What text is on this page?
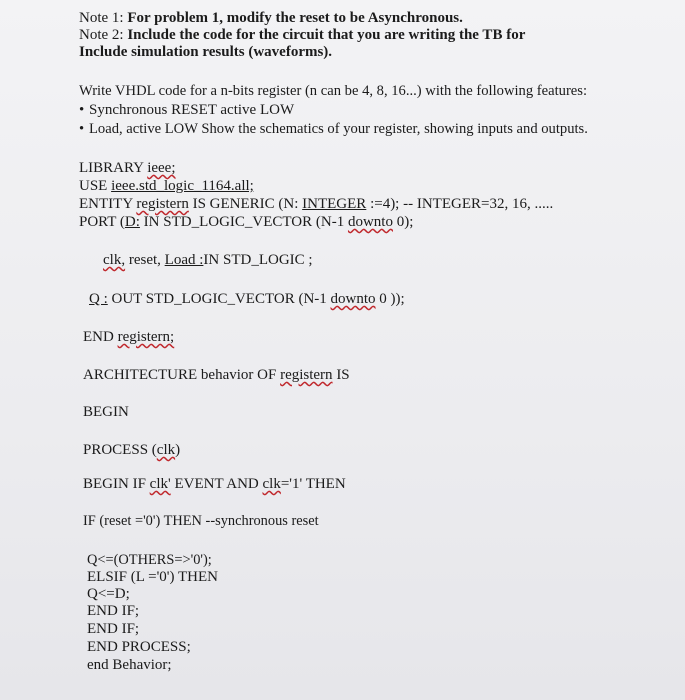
Note 1: For problem 1, modify the reset to be Asynchronous.
Note 2: Include the code for the circuit that you are writing the TB for
Include simulation results (waveforms).
Write VHDL code for a n-bits register (n can be 4, 8, 16...) with the following features:
• Synchronous RESET active LOW
• Load, active LOW Show the schematics of your register, showing inputs and outputs.
LIBRARY ieee;
USE ieee.std_logic_1164.all;
ENTITY registern IS GENERIC (N: INTEGER :=4); -- INTEGER=32, 16, .....
PORT (D: IN STD_LOGIC_VECTOR (N-1 downto 0);
clk, reset, Load :IN STD_LOGIC ;
Q : OUT STD_LOGIC_VECTOR (N-1 downto 0 ));
END registern;
ARCHITECTURE behavior OF registern IS
BEGIN
PROCESS (clk)
BEGIN IF clk' EVENT AND clk='1' THEN
IF (reset ='0') THEN --synchronous reset
Q<=(OTHERS=>'0');
ELSIF (L ='0') THEN
Q<=D;
END IF;
END IF;
END PROCESS;
end Behavior;
